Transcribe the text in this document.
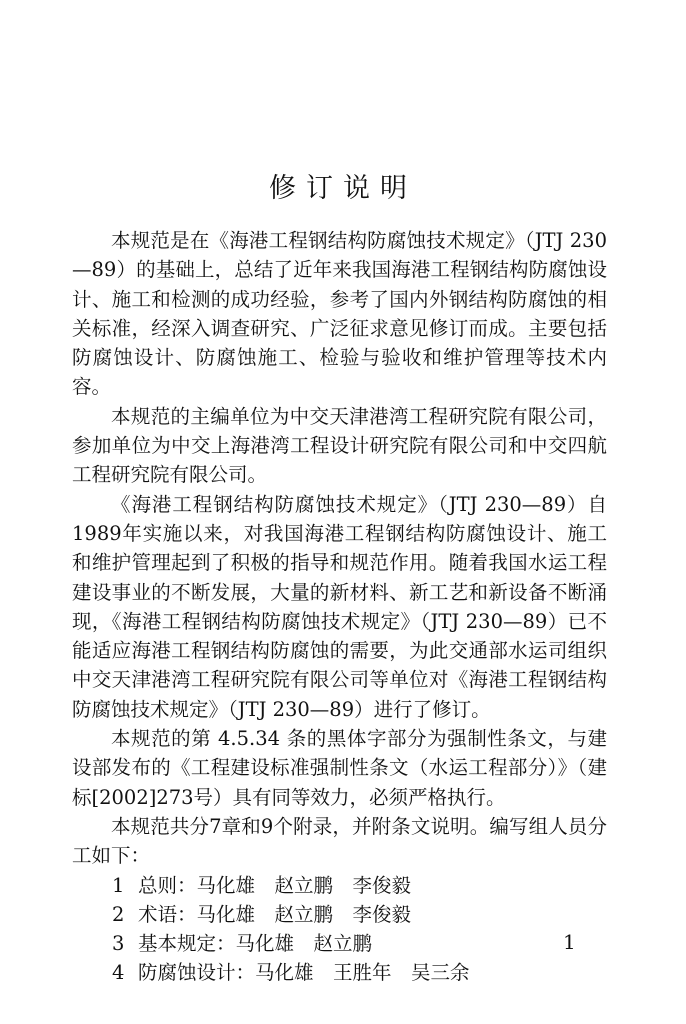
修订说明

本规范是在《海港工程钢结构防腐蚀技术规定》（JTJ 230—89）的基础上，总结了近年来我国海港工程钢结构防腐蚀设计、施工和检测的成功经验，参考了国内外钢结构防腐蚀的相关标准，经深入调查研究、广泛征求意见修订而成。主要包括防腐蚀设计、防腐蚀施工、检验与验收和维护管理等技术内容。

本规范的主编单位为中交天津港湾工程研究院有限公司，参加单位为中交上海港湾工程设计研究院有限公司和中交四航工程研究院有限公司。

《海港工程钢结构防腐蚀技术规定》（JTJ 230—89）自1989年实施以来，对我国海港工程钢结构防腐蚀设计、施工和维护管理起到了积极的指导和规范作用。随着我国水运工程建设事业的不断发展，大量的新材料、新工艺和新设备不断涌现，《海港工程钢结构防腐蚀技术规定》（JTJ 230—89）已不能适应海港工程钢结构防腐蚀的需要，为此交通部水运司组织中交天津港湾工程研究院有限公司等单位对《海港工程钢结构防腐蚀技术规定》（JTJ 230—89）进行了修订。

本规范的第 4.5.34 条的黑体字部分为强制性条文，与建设部发布的《工程建设标准强制性条文（水运工程部分）》（建标[2002]273号）具有同等效力，必须严格执行。

本规范共分7章和9个附录，并附条文说明。编写组人员分工如下：

1 总则：马化雄　赵立鹏　李俊毅
2 术语：马化雄　赵立鹏　李俊毅
3 基本规定：马化雄　赵立鹏
4 防腐蚀设计：马化雄　王胜年　吴三余
1
